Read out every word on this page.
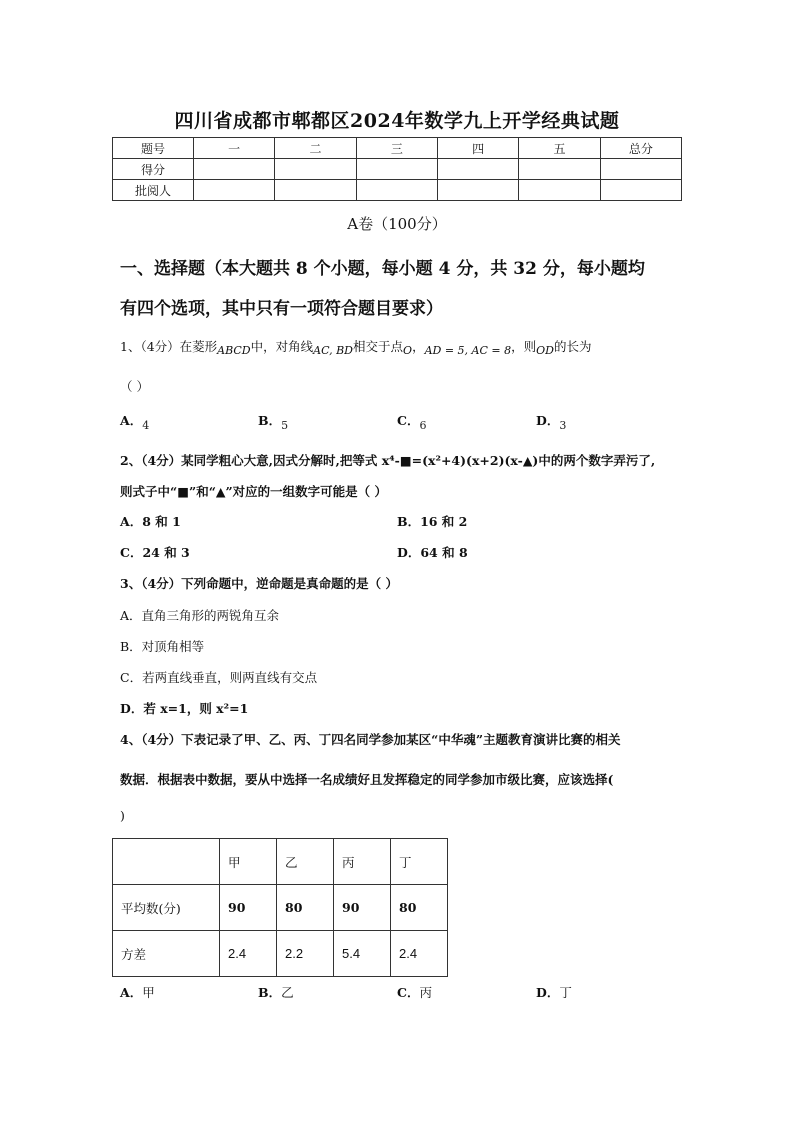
四川省成都市郫都区2024年数学九上开学经典试题
题号	一	二	三	四	五	总分
得分						
批阅人						
A卷（100分）
一、选择题（本大题共 8 个小题，每小题 4 分，共 32 分，每小题均
有四个选项，其中只有一项符合题目要求）
1、（4分）在菱形ABCD中，对角线AC, BD相交于点O，AD = 5, AC = 8，则OD的长为
（ ）
A．4	B．5	C．6	D．3
2、（4分）某同学粗心大意,因式分解时,把等式 x⁴-■=(x²+4)(x+2)(x-▲)中的两个数字弄污了,
则式子中“■”和“▲”对应的一组数字可能是（ ）
A．8 和 1	B．16 和 2
C．24 和 3	D．64 和 8
3、（4分）下列命题中，逆命题是真命题的是（ ）
A．直角三角形的两锐角互余
B．对顶角相等
C．若两直线垂直，则两直线有交点
D．若 x=1，则 x²=1
4、（4分）下表记录了甲、乙、丙、丁四名同学参加某区“中华魂”主题教育演讲比赛的相关
数据．根据表中数据，要从中选择一名成绩好且发挥稳定的同学参加市级比赛，应该选择(
)
	甲	乙	丙	丁
平均数(分)	90	80	90	80
方差	2.4	2.2	5.4	2.4
A．甲	B．乙	C．丙	D．丁
